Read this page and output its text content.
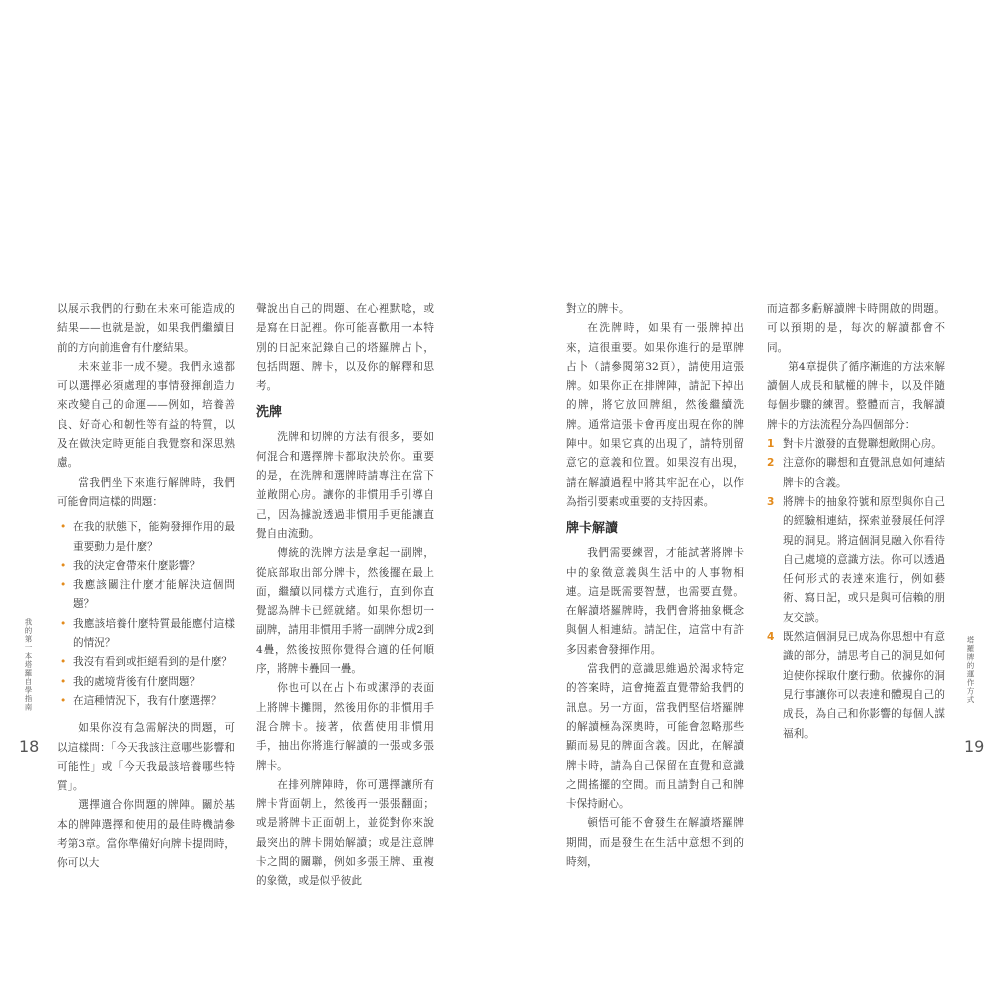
以展示我們的行動在未來可能造成的結果——也就是說，如果我們繼續目前的方向前進會有什麼結果。

未來並非一成不變。我們永遠都可以選擇必須處理的事情發揮創造力來改變自己的命運——例如，培養善良、好奇心和韌性等有益的特質，以及在做決定時更能自我覺察和深思熟慮。

當我們坐下來進行解牌時，我們可能會問這樣的問題：

• 在我的狀態下，能夠發揮作用的最重要動力是什麼？
• 我的決定會帶來什麼影響？
• 我應該關注什麼才能解決這個問題？
• 我應該培養什麼特質最能應付這樣的情況？
• 我沒有看到或拒絕看到的是什麼？
• 我的處境背後有什麼問題？
• 在這種情況下，我有什麼選擇？

如果你沒有急需解決的問題，可以這樣問：「今天我該注意哪些影響和可能性」或「今天我最該培養哪些特質」。

選擇適合你問題的牌陣。關於基本的牌陣選擇和使用的最佳時機請參考第3章。當你準備好向牌卡提問時，你可以大

聲說出自己的問題、在心裡默唸，或是寫在日記裡。你可能喜歡用一本特別的日記來記錄自己的塔羅牌占卜，包括問題、牌卡，以及你的解釋和思考。

洗牌

洗牌和切牌的方法有很多，要如何混合和選擇牌卡都取決於你。重要的是，在洗牌和選牌時請專注在當下並敞開心房。讓你的非慣用手引導自己，因為據說透過非慣用手更能讓直覺自由流動。

傳統的洗牌方法是拿起一副牌，從底部取出部分牌卡，然後擺在最上面，繼續以同樣方式進行，直到你直覺認為牌卡已經就緒。如果你想切一副牌，請用非慣用手將一副牌分成2到4疊，然後按照你覺得合適的任何順序，將牌卡疊回一疊。

你也可以在占卜布或潔淨的表面上將牌卡攤開，然後用你的非慣用手混合牌卡。接著，依舊使用非慣用手，抽出你將進行解讀的一張或多張牌卡。

在排列牌陣時，你可選擇讓所有牌卡背面朝上，然後再一張張翻面；或是將牌卡正面朝上，並從對你來說最突出的牌卡開始解讀；或是注意牌卡之間的關聯，例如多張王牌、重複的象徵，或是似乎彼此

我的第一本塔羅自學指南
18

對立的牌卡。

在洗牌時，如果有一張牌掉出來，這很重要。如果你進行的是單牌占卜（請參閱第32頁），請使用這張牌。如果你正在排牌陣，請記下掉出的牌，將它放回牌組，然後繼續洗牌。通常這張卡會再度出現在你的牌陣中。如果它真的出現了，請特別留意它的意義和位置。如果沒有出現，請在解讀過程中將其牢記在心，以作為指引要素或重要的支持因素。

牌卡解讀

我們需要練習，才能試著將牌卡中的象徵意義與生活中的人事物相連。這是既需要智慧，也需要直覺。在解讀塔羅牌時，我們會將抽象概念與個人相連結。請記住，這當中有許多因素會發揮作用。

當我們的意識思維過於渴求特定的答案時，這會掩蓋直覺帶給我們的訊息。另一方面，當我們堅信塔羅牌的解讀極為深奧時，可能會忽略那些顯而易見的牌面含義。因此，在解讀牌卡時，請為自己保留在直覺和意識之間搖擺的空間。而且請對自己和牌卡保持耐心。

頓悟可能不會發生在解讀塔羅牌期間，而是發生在生活中意想不到的時刻，

而這都多虧解讀牌卡時開啟的問題。可以預期的是，每次的解讀都會不同。

第4章提供了循序漸進的方法來解讀個人成長和賦權的牌卡，以及伴隨每個步驟的練習。整體而言，我解讀牌卡的方法流程分為四個部分：

1 對卡片激發的直覺聯想敞開心房。
2 注意你的聯想和直覺訊息如何連結牌卡的含義。
3 將牌卡的抽象符號和原型與你自己的經驗相連結，探索並發展任何浮現的洞見。將這個洞見融入你看待自己處境的意識方法。你可以透過任何形式的表達來進行，例如藝術、寫日記，或只是與可信賴的朋友交談。
4 既然這個洞見已成為你思想中有意識的部分，請思考自己的洞見如何迫使你採取什麼行動。依據你的洞見行事讓你可以表達和體現自己的成長，為自己和你影響的每個人謀福利。
塔羅牌的運作方式
19
